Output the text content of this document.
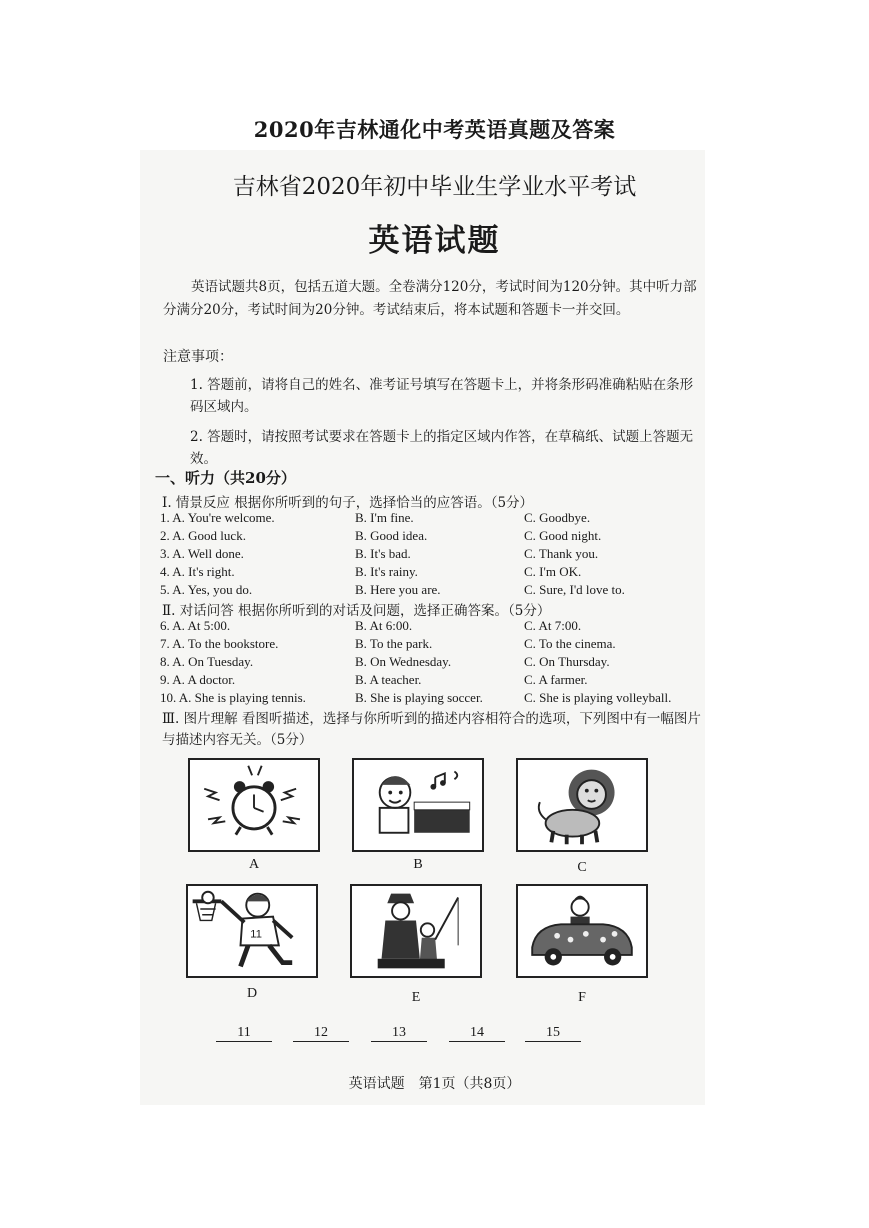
2020年吉林通化中考英语真题及答案
吉林省2020年初中毕业生学业水平考试
英语试题
英语试题共8页，包括五道大题。全卷满分120分，考试时间为120分钟。其中听力部分满分20分，考试时间为20分钟。考试结束后，将本试题和答题卡一并交回。
注意事项：
1. 答题前，请将自己的姓名、准考证号填写在答题卡上，并将条形码准确粘贴在条形码区域内。
2. 答题时，请按照考试要求在答题卡上的指定区域内作答，在草稿纸、试题上答题无效。
一、听力（共20分）
Ⅰ. 情景反应 根据你所听到的句子，选择恰当的应答语。（5分）
1. A. You're welcome.	B. I'm fine.	C. Goodbye.
2. A. Good luck.	B. Good idea.	C. Good night.
3. A. Well done.	B. It's bad.	C. Thank you.
4. A. It's right.	B. It's rainy.	C. I'm OK.
5. A. Yes, you do.	B. Here you are.	C. Sure, I'd love to.
Ⅱ. 对话问答 根据你所听到的对话及问题，选择正确答案。（5分）
6. A. At 5:00.	B. At 6:00.	C. At 7:00.
7. A. To the bookstore.	B. To the park.	C. To the cinema.
8. A. On Tuesday.	B. On Wednesday.	C. On Thursday.
9. A. A doctor.	B. A teacher.	C. A farmer.
10. A. She is playing tennis.	B. She is playing soccer.	C. She is playing volleyball.
Ⅲ. 图片理解 看图听描述，选择与你所听到的描述内容相符合的选项，下列图中有一幅图片与描述内容无关。（5分）
A	B	C
11
D	E	F
11	12	13	14	15
英语试题　第1页（共8页）
